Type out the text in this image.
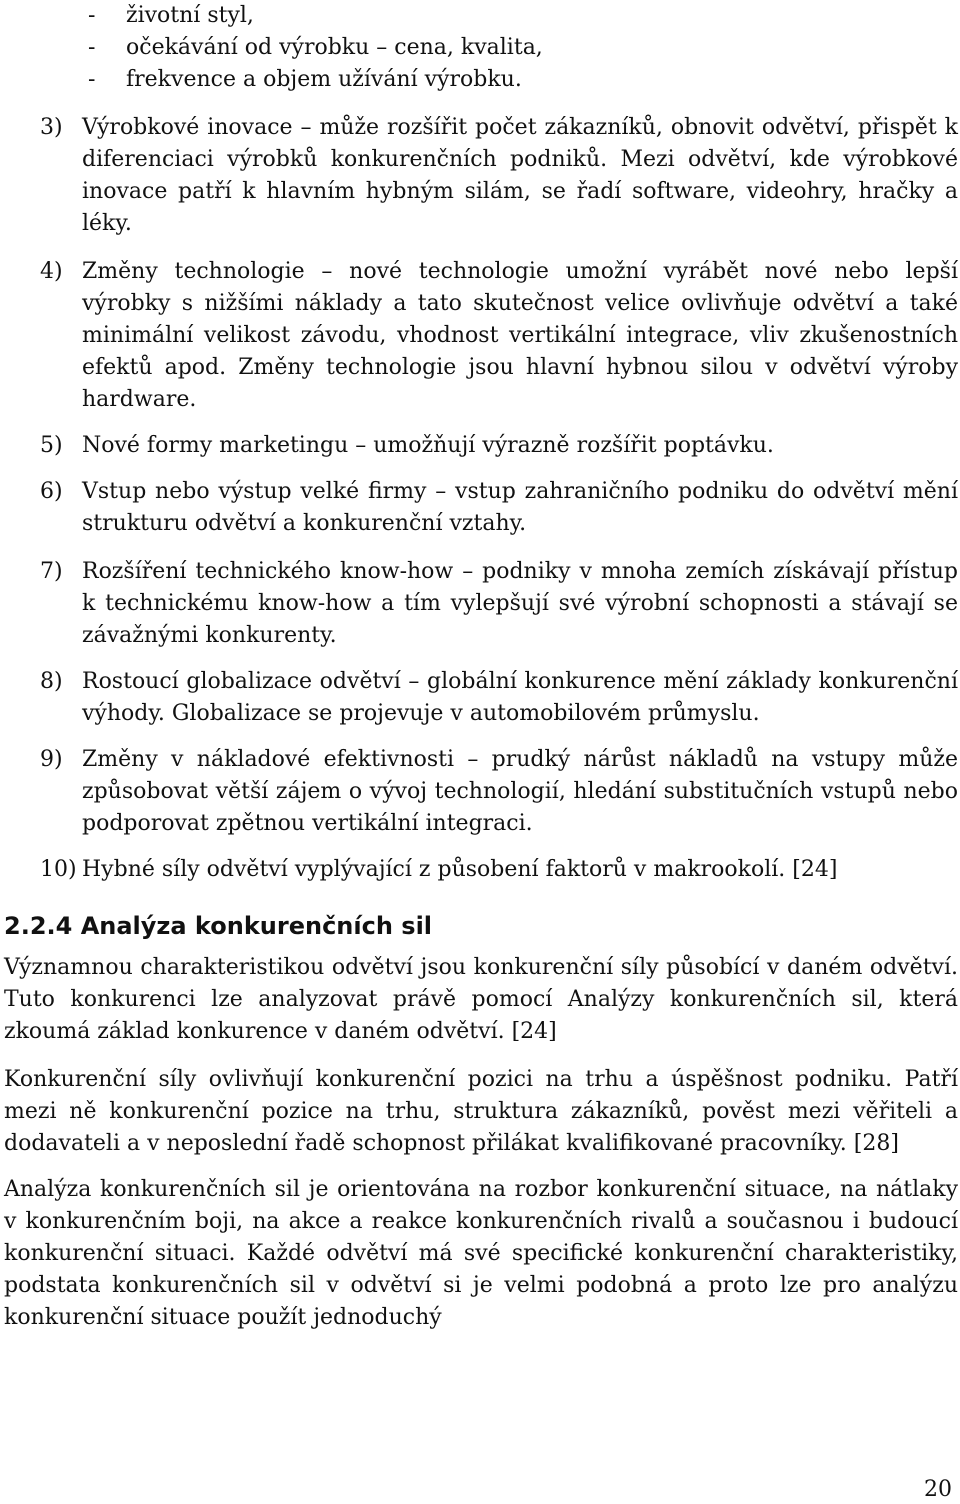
- životní styl,
- očekávání od výrobku – cena, kvalita,
- frekvence a objem užívání výrobku.
3) Výrobkové inovace – může rozšířit počet zákazníků, obnovit odvětví, přispět k diferenciaci výrobků konkurenčních podniků. Mezi odvětví, kde výrobkové inovace patří k hlavním hybným silám, se řadí software, videohry, hračky a léky.
4) Změny technologie – nové technologie umožní vyrábět nové nebo lepší výrobky s nižšími náklady a tato skutečnost velice ovlivňuje odvětví a také minimální velikost závodu, vhodnost vertikální integrace, vliv zkušenostních efektů apod. Změny technologie jsou hlavní hybnou silou v odvětví výroby hardware.
5) Nové formy marketingu – umožňují výrazně rozšířit poptávku.
6) Vstup nebo výstup velké firmy – vstup zahraničního podniku do odvětví mění strukturu odvětví a konkurenční vztahy.
7) Rozšíření technického know-how – podniky v mnoha zemích získávají přístup k technickému know-how a tím vylepšují své výrobní schopnosti a stávají se závažnými konkurenty.
8) Rostoucí globalizace odvětví – globální konkurence mění základy konkurenční výhody. Globalizace se projevuje v automobilovém průmyslu.
9) Změny v nákladové efektivnosti – prudký nárůst nákladů na vstupy může způsobovat větší zájem o vývoj technologií, hledání substitučních vstupů nebo podporovat zpětnou vertikální integraci.
10) Hybné síly odvětví vyplývající z působení faktorů v makrookolí. [24]
2.2.4 Analýza konkurenčních sil
Významnou charakteristikou odvětví jsou konkurenční síly působící v daném odvětví. Tuto konkurenci lze analyzovat právě pomocí Analýzy konkurenčních sil, která zkoumá základ konkurence v daném odvětví. [24]
Konkurenční síly ovlivňují konkurenční pozici na trhu a úspěšnost podniku. Patří mezi ně konkurenční pozice na trhu, struktura zákazníků, pověst mezi věřiteli a dodavateli a v neposlední řadě schopnost přilákat kvalifikované pracovníky. [28]
Analýza konkurenčních sil je orientována na rozbor konkurenční situace, na nátlaky v konkurenčním boji, na akce a reakce konkurenčních rivalů a současnou i budoucí konkurenční situaci. Každé odvětví má své specifické konkurenční charakteristiky, podstata konkurenčních sil v odvětví si je velmi podobná a proto lze pro analýzu konkurenční situace použít jednoduchý
20
